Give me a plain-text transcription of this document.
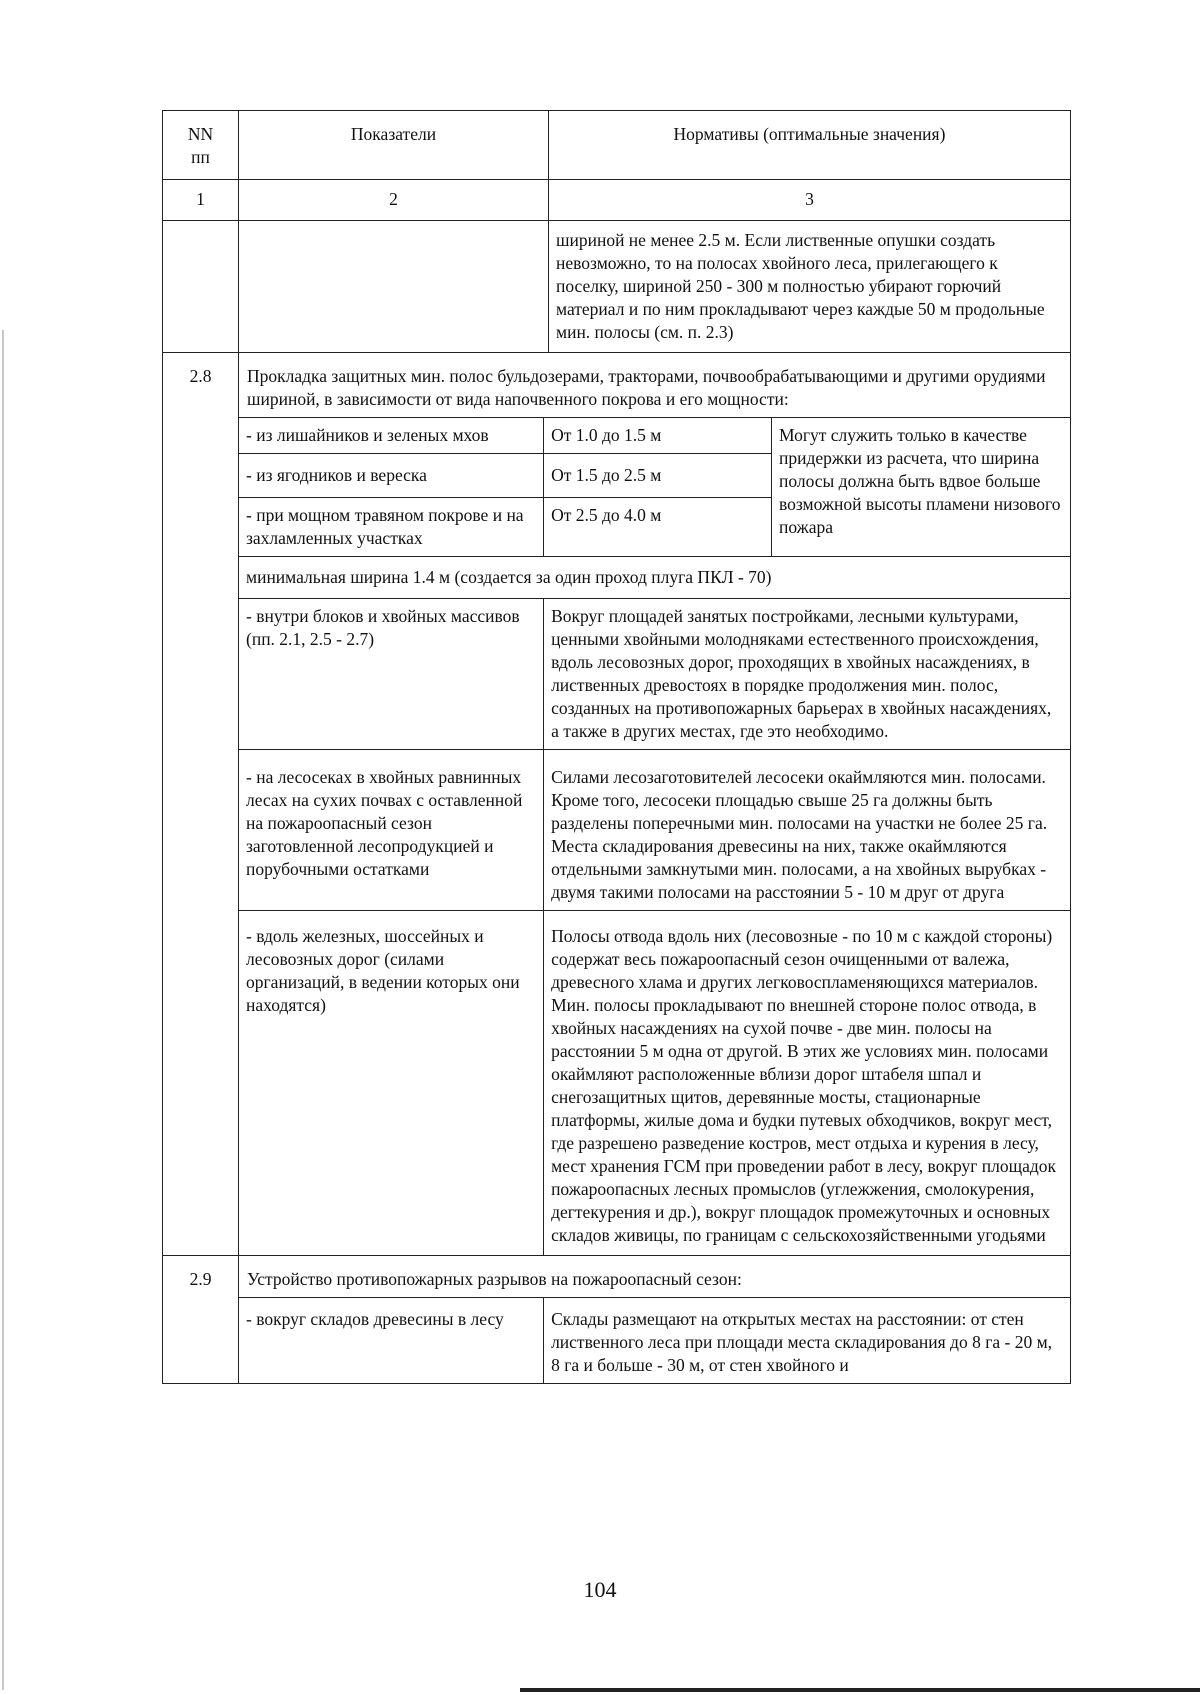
NN
пп	Показатели	Нормативы (оптимальные значения)
1	2	3
		шириной не менее 2.5 м. Если лиственные опушки создать невозможно, то на полосах хвойного леса, прилегающего к поселку, шириной 250 - 300 м полностью убирают горючий материал и по ним прокладывают через каждые 50 м продольные мин. полосы (см. п. 2.3)
2.8	Прокладка защитных мин. полос бульдозерами, тракторами, почвообрабатывающими и другими орудиями шириной, в зависимости от вида напочвенного покрова и его мощности:
- из лишайников и зеленых мхов	От 1.0 до 1.5 м	Могут служить только в качестве придержки из расчета, что ширина полосы должна быть вдвое больше возможной высоты пламени низового пожара
- из ягодников и вереска	От 1.5 до 2.5 м
- при мощном травяном покрове и на захламленных участках	От 2.5 до 4.0 м
минимальная ширина 1.4 м (создается за один проход плуга ПКЛ - 70)
- внутри блоков и хвойных массивов (пп. 2.1, 2.5 - 2.7)	Вокруг площадей занятых постройками, лесными культурами, ценными хвойными молодняками естественного происхождения, вдоль лесовозных дорог, проходящих в хвойных насаждениях, в лиственных древостоях в порядке продолжения мин. полос, созданных на противопожарных барьерах в хвойных насаждениях, а также в других местах, где это необходимо.
- на лесосеках в хвойных равнинных лесах на сухих почвах с оставленной на пожароопасный сезон заготовленной лесопродукцией и порубочными остатками	Силами лесозаготовителей лесосеки окаймляются мин. полосами. Кроме того, лесосеки площадью свыше 25 га должны быть разделены поперечными мин. полосами на участки не более 25 га. Места складирования древесины на них, также окаймляются отдельными замкнутыми мин. полосами, а на хвойных вырубках - двумя такими полосами на расстоянии 5 - 10 м друг от друга
- вдоль железных, шоссейных и лесовозных дорог (силами организаций, в ведении которых они находятся)	Полосы отвода вдоль них (лесовозные - по 10 м с каждой стороны) содержат весь пожароопасный сезон очищенными от валежа, древесного хлама и других легковоспламеняющихся материалов. Мин. полосы прокладывают по внешней стороне полос отвода, в хвойных насаждениях на сухой почве - две мин. полосы на расстоянии 5 м одна от другой. В этих же условиях мин. полосами окаймляют расположенные вблизи дорог штабеля шпал и снегозащитных щитов, деревянные мосты, стационарные платформы, жилые дома и будки путевых обходчиков, вокруг мест, где разрешено разведение костров, мест отдыха и курения в лесу, мест хранения ГСМ при проведении работ в лесу, вокруг площадок пожароопасных лесных промыслов (углежжения, смолокурения, дегтекурения и др.), вокруг площадок промежуточных и основных складов живицы, по границам с сельскохозяйственными угодьями

2.9	Устройство противопожарных разрывов на пожароопасный сезон:
- вокруг складов древесины в лесу	Склады размещают на открытых местах на расстоянии: от стен лиственного леса при площади места складирования до 8 га - 20 м, 8 га и больше - 30 м, от стен хвойного и
104
